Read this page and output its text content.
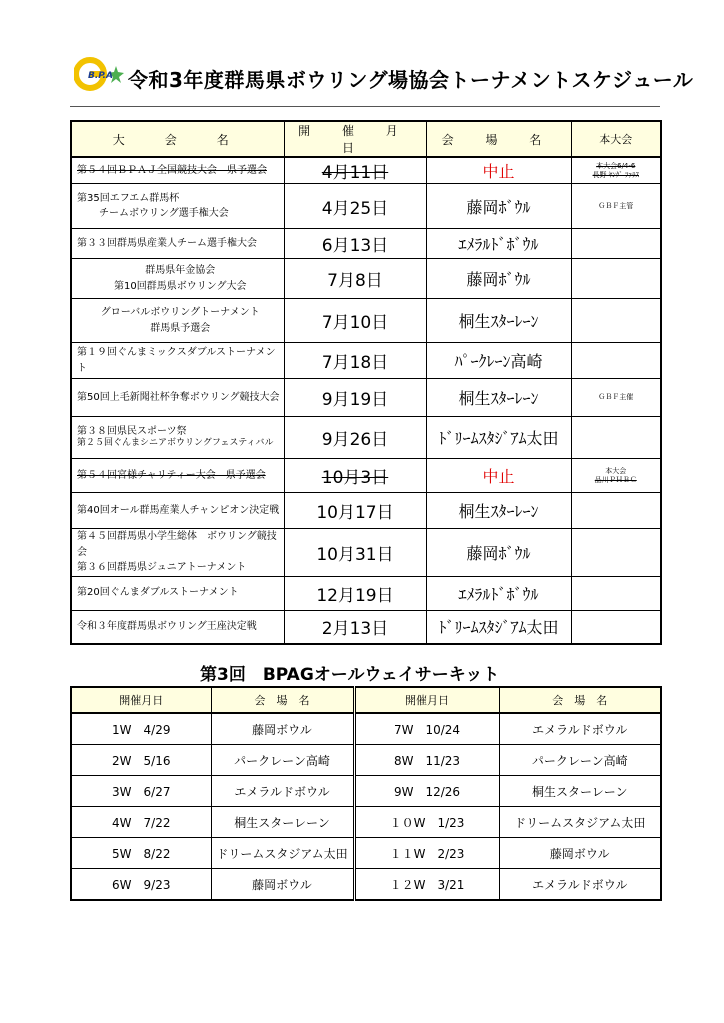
B.P.A 令和3年度群馬県ボウリング場協会トーナメントスケジュール
大　会　名	開 催 月 日	会 場 名	本大会
第５４回ＢＰＡＪ全国競技大会　県予選会	4月11日	中止	本大会6/4-6
長野 ﾔﾝｸﾞ ﾌｧﾗｽ

第35回エフエム群馬杯
チームボウリング選手権大会	4月25日	藤岡ﾎﾞｳﾙ	ＧＢＦ主管
第３３回群馬県産業人チーム選手権大会	6月13日	ｴﾒﾗﾙﾄﾞﾎﾞｳﾙ	

群馬県年金協会
第10回群馬県ボウリング大会	7月8日	藤岡ﾎﾞｳﾙ	

グローバルボウリングトーナメント
群馬県予選会	7月10日	桐生ｽﾀｰﾚｰﾝ	
第１９回ぐんまミックスダブルストーナメント	7月18日	ﾊﾟｰｸﾚｰﾝ高崎	
第50回上毛新聞社杯争奪ボウリング競技大会	9月19日	桐生ｽﾀｰﾚｰﾝ	ＧＢＦ主催

第３８回県民スポーツ祭
第２５回ぐんまシニアボウリングフェスティバル	9月26日	ﾄﾞﾘｰﾑｽﾀｼﾞｱﾑ太田	
第５４回宮様チャリティー大会　県予選会	10月3日	中止	本大会
品川ＰＨＢＣ

第40回オール群馬産業人チャンピオン決定戦	10月17日	桐生ｽﾀｰﾚｰﾝ	

第４５回群馬県小学生総体　ボウリング競技会
第３６回群馬県ジュニアトーナメント	10月31日	藤岡ﾎﾞｳﾙ	
第20回ぐんまダブルストーナメント	12月19日	ｴﾒﾗﾙﾄﾞﾎﾞｳﾙ	
令和３年度群馬県ボウリング王座決定戦	2月13日	ﾄﾞﾘｰﾑｽﾀｼﾞｱﾑ太田	
第3回　BPAGオールウェイサーキット
開催月日	会　場　名	開催月日	会　場　名
1W　4/29	藤岡ボウル	7W　10/24	エメラルドボウル
2W　5/16	パークレーン高崎	8W　11/23	パークレーン高崎
3W　6/27	エメラルドボウル	9W　12/26	桐生スターレーン
4W　7/22	桐生スターレーン	１０W　1/23	ドリームスタジアム太田
5W　8/22	ドリームスタジアム太田	１１W　2/23	藤岡ボウル
6W　9/23	藤岡ボウル	１２W　3/21	エメラルドボウル
